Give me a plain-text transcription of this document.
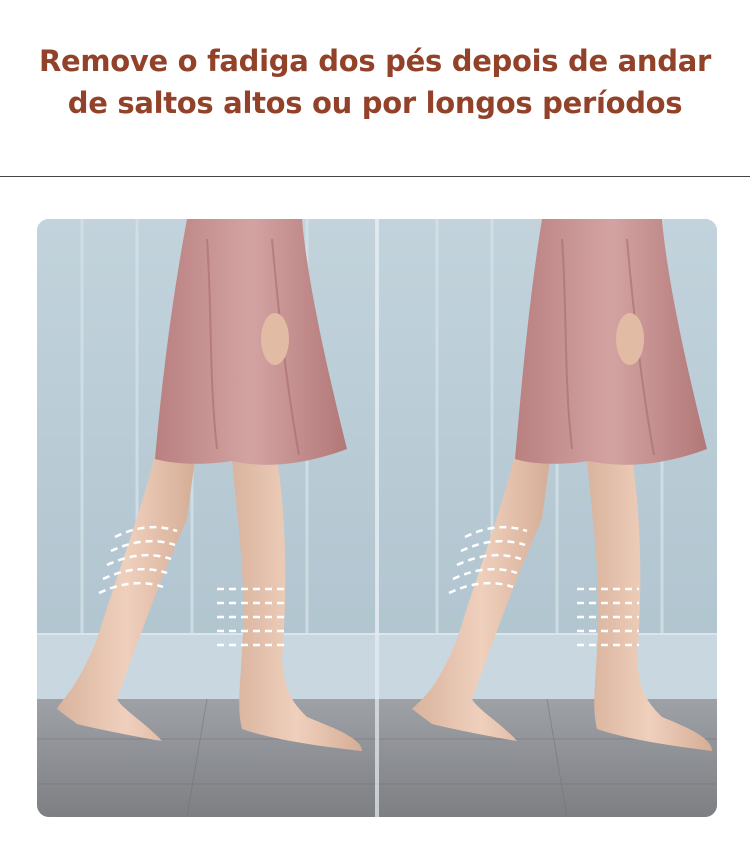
Remove o fadiga dos pés depois de andar
de saltos altos ou por longos períodos
